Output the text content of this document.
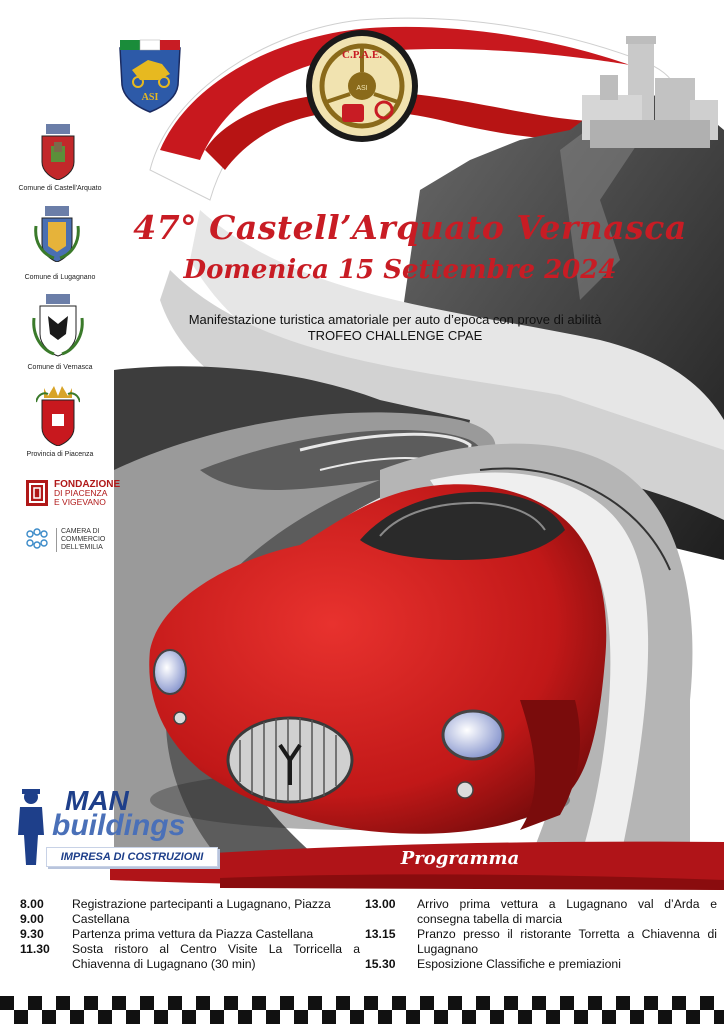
ASI
C.P.A.E.
ASI
Comune di Castell'Arquato
Comune di Lugagnano
Comune di Vernasca
Provincia di Piacenza
FONDAZIONE
DI PIACENZA
E VIGEVANO
CAMERA DI COMMERCIO
DELL'EMILIA
47° Castell’Arquato Vernasca
Domenica 15 Settembre 2024
Manifestazione turistica amatoriale per auto d’epoca con prove di abilità
TROFEO CHALLENGE CPAE
MAN
buildings
IMPRESA DI COSTRUZIONI	Programma
8.00	Registrazione partecipanti a Lugagnano, Piazza
9.00	Castellana
9.30	Partenza prima vettura da Piazza Castellana
11.30	Sosta ristoro al Centro Visite La Torricella a Chiavenna di Lugagnano (30 min)
13.00	Arrivo prima vettura a Lugagnano val d’Arda e consegna tabella di marcia
13.15	Pranzo presso il ristorante Torretta a Chiavenna di Lugagnano
15.30	Esposizione Classifiche e premiazioni
